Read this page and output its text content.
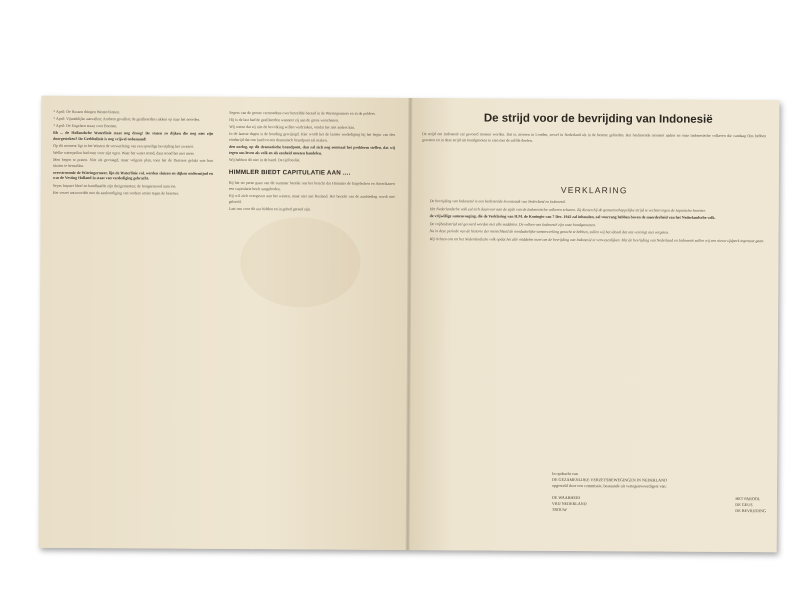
* April: De Russen dringen Wenen binnen.

* April: Vijandelijke aanvallen; Arnhem gevallen; de geallieerden rukken op naar het noorden.

* April: De Engelsen staan voor Bremen.

Bh ... de Hollandsche Waterlinie staat nog droog! De staten zo dijken die nog niet zijn doorgestoken? De Grebbelinie is nog vrijwel onbemand!

Op dit moment ligt in het Westen de verwachting van een spoedige bevrijding het zwaarst.

Welke waterpeilen had men voor zijn ogen. Waar het water stond, daar stond het niet meer.

Men begon te praten. Niet als gevraagd, maar volgens plan, toen het de Duitsers gelukt was hun sluiten te herstellen.

overstroomde de Wieringermeer, lijn de Waterlinie vol, werden sluizen en dijken ondermijnd en was de Vesting Holland in staat van verdediging gebracht.

Seyss Inquart bleef en handhaafde zijn dreigementen; de hongersnood nam toe.

Het verzet antwoordde met de aankondiging van verdere acties tegen de bezetter.

Segers van de groote vermoedens over hetzelfde beraad in de Wieringermeer en in de polders.

Hij is de last had de geallieerden wanneer zij aan de grens verschenen.

Wij weten dat zij niet de bevolking willen verdrinken, omdat het niet anders kan.

In de laatste dagen is de houding gewijzigd. Hier wordt het de laatste verdediging bij het begin van den eindstrijd dat ons land tot een dramatisch brandpunt zal maken.

den oorlog, op dit dramatische brandpunt, dan zal zich nog eenmaal het probleem stellen, dat wij tegen ons leven als volk en als eenheid moeten handelen.

Wij hebben dit niet in de hand. De tijd beslist.

HIMMLER BIEDT CAPITULATIE AAN ....

Bij het ter perse gaan van dit nummer bereikt ons het bericht dat Himmler de Engelschen en Amerikanen een capitulatie heeft aangeboden.

Hij wil zich overgeven aan het westen, maar niet aan Rusland. Het bericht van de aanbieding wordt niet geloofd.

Laat ons voor dit uur bidden en in gebed gereed zijn.

De strijd voor de bevrijding van Indonesië
De strijd om Indonesië zal gevoerd moeten worden. Dat is, moeten in Londen, zowel in Nederland als in de bezette gebieden. Het beslissende moment nadert en onze Indonesische volkeren die vandaag Ons hebben geweten en in deze strijd als bondgenoten te zien met de zelfde doelen.
VERKLARING

De bevrijding van Indonesië is een beslissende levenszaak van Nederland en Indonesië.

Het Nederlandsche volk zal zich daarvoor aan de zijde van de Indonesische volkeren scharen. Zij dienen bij de gemeenschappelijke strijd te vechten tegen de Japansche bezetter.

de vrijwillige samenvoeging, die de Verklaring van H.M. de Koningin van 7 Dec. 1942 zal inhouden, zal voorrang hebben boven de meerderheid van het Nederlandsche volk.

De vrijheidsstrijd zal gevoerd worden met alle middelen. De volken van Indonesië zijn onze bondgenooten.

Na in deze periode van de historie der menschheid de noodzakelijke samenwerking gezocht te hebben, zullen wij het ideaal dat ons verenigt niet vergeten.

Wij richten ons tot het Nederlandsche volk opdat het alle middelen inzet om de bevrijding van Indonesië te verwezenlijken. Met de bevrijding van Nederland en Indonesië zullen wij een nieuw tijdperk tegemoet gaan.

In opdracht van
DE GEZAMENLIJKE VERZETSBEWEGINGEN IN NEDERLAND
opgesteld door een commissie, bestaande uit vertegenwoordigers van:
DE WAARHEID
VRIJ NEDERLAND
TROUW
HET PAROOL
DE GEUS
DE BEVRIJDING
